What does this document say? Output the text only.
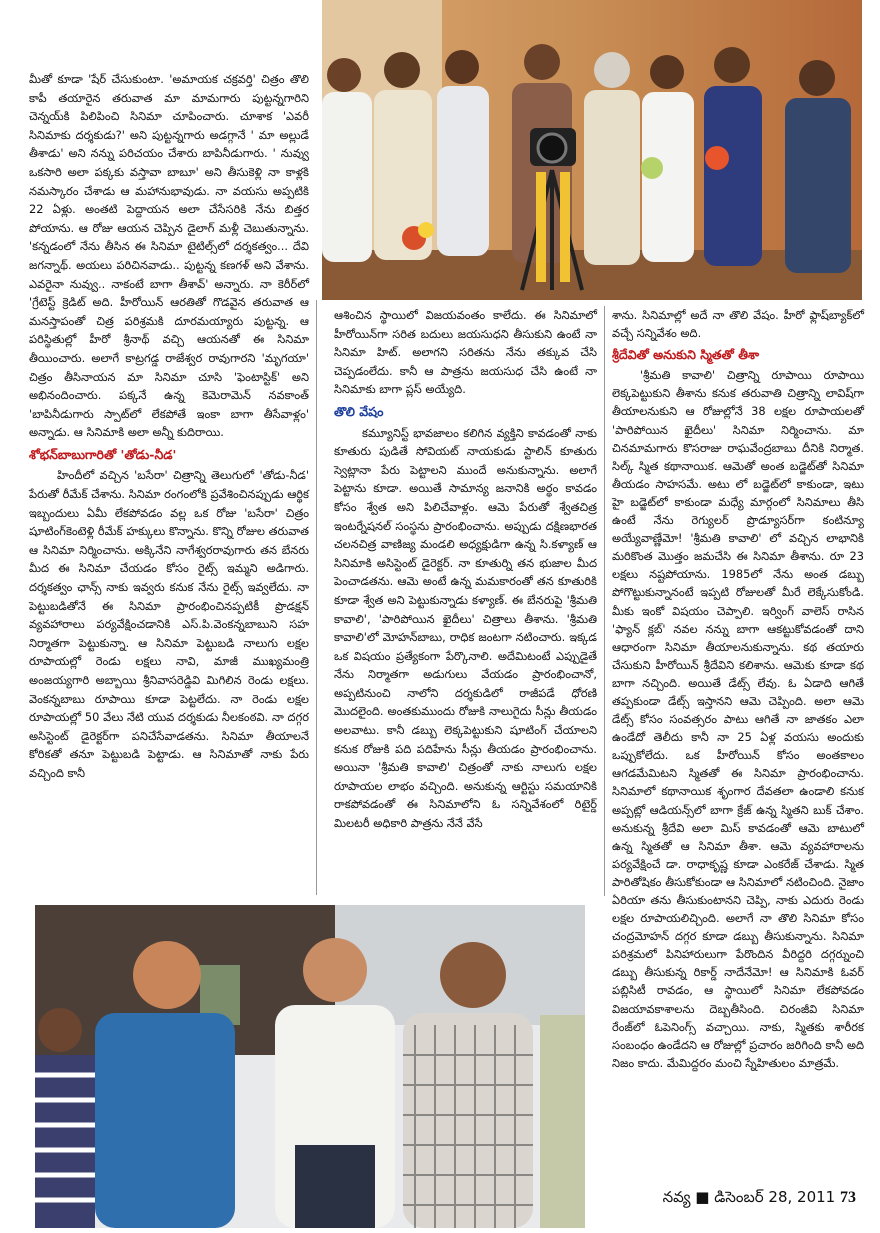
మీతో కూడా 'షేర్ చేసుకుంటా. 'అమాయక చక్రవర్తి' చిత్రం తొలి కాపీ తయారైన తరువాత మా మామగారు పుట్టన్నగారిని చెన్నయ్‌కి పిలిపించి సినిమా చూపించారు. చూశాక 'ఎవరీ సినిమాకు దర్శకుడు?' అని పుట్టన్నగారు అడగ్గానే ' మా అల్లుడే తీశాడు' అని నన్ను పరిచయం చేశారు బాపినీడుగారు. ' నువ్వు ఒకసారి అలా పక్కకు వస్తావా బాబూ' అని తీసుకెళ్లి నా కాళ్లకి నమస్కారం చేశాడు ఆ మహానుభావుడు. నా వయసు అప్పటికి 22 ఏళ్లు. అంతటి పెద్దాయన అలా చేసేసరికి నేను బిత్తర పోయాను. ఆ రోజు ఆయన చెప్పిన డైలాగ్ మళ్లీ చెబుతున్నాను. 'కన్నడంలో నేను తీసిన ఈ సినిమా టైటిల్స్‌లో దర్శకత్వం... దేవి జగన్నాథ్. అయలు పరిచినవాడు.. పుట్టన్న కణగళ్ అని వేశాను. ఎవరైనా నువ్వు.. నాకంటే బాగా తీశావ్' అన్నారు. నా కెరీర్‌లో 'గ్రేటెస్ట్ క్రెడిట్ అది. హీరోయిన్ ఆరతితో గొడవైన తరువాత ఆ మనస్తాపంతో చిత్ర పరిశ్రమకి దూరమయ్యారు పుట్టన్న. ఆ పరిస్థితుల్లో హీరో శ్రీనాథ్ వచ్చి ఆయనతో ఈ సినిమా తీయించారు. అలాగే కాట్రగడ్డ రాజేశ్వర రావుగారని 'మృగయా' చిత్రం తీసినాయన మా సినిమా చూసి 'ఫెంటాస్టిక్' అని అభినందించారు. పక్కనే ఉన్న కెమెరామెన్ నవకాంత్ 'బాపినీడుగారు స్పాట్‌లో లేకపోతే ఇంకా బాగా తీసేవాళ్లం' అన్నాడు. ఆ సినిమాకి అలా అన్నీ కుదిరాయి.

శోభన్‌బాబుగారితో 'తోడు-నీడ'

హిందీలో వచ్చిన 'బసేరా' చిత్రాన్ని తెలుగులో 'తోడు-నీడ' పేరుతో రీమేక్ చేశాను. సినిమా రంగంలోకి ప్రవేశించినప్పుడు ఆర్థిక ఇబ్బందులు ఏమీ లేకపోవడం వల్ల ఒక రోజు 'బసేరా' చిత్రం షూటింగ్‌కెంటెళ్లి రీమేక్ హక్కులు కొన్నాను. కొన్ని రోజుల తరువాత ఆ సినిమా నిర్మించాను. అక్కినేని నాగేశ్వరరావుగారు తన బేనరు మీద ఈ సినిమా చేయడం కోసం రైట్స్ ఇమ్మని అడిగారు. దర్శకత్వం ఛాన్స్ నాకు ఇవ్వరు కనుక నేను రైట్స్ ఇవ్వలేదు. నా పెట్టుబడితోనే ఈ సినిమా ప్రారంభించినప్పటికీ ప్రొడక్షన్ వ్యవహారాలు పర్యవేక్షించడానికి ఎస్.పి.వెంకన్నబాబుని సహ నిర్మాతగా పెట్టుకున్నా. ఆ సినిమా పెట్టుబడి నాలుగు లక్షల రూపాయల్లో రెండు లక్షలు నావి, మాజీ ముఖ్యమంత్రి అంజయ్యగారి అబ్బాయి శ్రీనివాసరెడ్డివి మిగిలిన రెండు లక్షలు. వెంకన్నబాబు రూపాయి కూడా పెట్టలేదు. నా రెండు లక్షల రూపాయల్లో 50 వేలు నేటి యువ దర్శకుడు నీలకంఠవి. నా దగ్గర అసిస్టెంట్ డైరెక్టర్‌గా పనిచేసేవాడతను. సినిమా తీయాలనే కోరికతో తనూ పెట్టుబడి పెట్టాడు. ఆ సినిమాతో నాకు పేరు వచ్చింది కానీ

ఆశించిన స్థాయిలో విజయవంతం కాలేదు. ఈ సినిమాలో హీరోయిన్‌గా సరిత బదులు జయసుధని తీసుకుని ఉంటే నా సినిమా హిట్. అలాగని సరితను నేను తక్కువ చేసి చెప్పడంలేదు. కానీ ఆ పాత్రను జయసుధ చేసి ఉంటే నా సినిమాకు బాగా ప్లస్ అయ్యేది.

తొలి వేషం

కమ్యూనిస్ట్ భావజాలం కలిగిన వ్యక్తిని కావడంతో నాకు కూతురు పుడితే సోవియట్ నాయకుడు స్టాలిన్ కూతురు స్వెట్లానా పేరు పెట్టాలని ముందే అనుకున్నాను. అలాగే పెట్టాను కూడా. అయితే సామాన్య జనానికి అర్థం కావడం కోసం శ్వేత అని పిలిచేవాళ్లం. ఆమె పేరుతో శ్వేతచిత్ర ఇంటర్నేషనల్ సంస్థను ప్రారంభించాను. అప్పుడు దక్షిణభారత చలనచిత్ర వాణిజ్య మండలి అధ్యక్షుడిగా ఉన్న సి.కళ్యాణ్ ఆ సినిమాకి అసిస్టెంట్ డైరెక్టర్. నా కూతుర్ని తన భుజాల మీద పెంచాడతను. ఆమె అంటే ఉన్న మమకారంతో తన కూతురికి కూడా శ్వేత అని పెట్టుకున్నాడు కళ్యాణ్. ఈ బేనరుపై 'శ్రీమతి కావాలి', 'పారిపోయిన ఖైదీలు' చిత్రాలు తీశాను. 'శ్రీమతి కావాలి'లో మోహన్‌బాబు, రాధిక జంటగా నటించారు. ఇక్కడ ఒక విషయం ప్రత్యేకంగా పేర్కొనాలి. అదేమిటంటే ఎప్పుడైతే నేను నిర్మాతగా అడుగులు వేయడం ప్రారంభించానో, అప్పటినుంచి నాలోని దర్శకుడిలో రాజీపడే ధోరణి మొదలైంది. అంతకుముందు రోజుకి నాలుగైదు సీన్లు తీయడం అలవాటు. కానీ డబ్బు లెక్కపెట్టుకుని షూటింగ్ చేయాలని కనుక రోజుకి పది పదిహేను సీన్లు తీయడం ప్రారంభించాను. అయినా 'శ్రీమతి కావాలి' చిత్రంతో నాకు నాలుగు లక్షల రూపాయల లాభం వచ్చింది. అనుకున్న ఆర్టిస్టు సమయానికి రాకపోవడంతో ఈ సినిమాలోని ఓ సన్నివేశంలో రిటైర్డ్ మిలటరీ అధికారి పాత్రను నేనే వేసే

శాను. సినిమాల్లో అదే నా తొలి వేషం. హీరో ఫ్లాష్‌బ్యాక్‌లో వచ్చే సన్నివేశం అది.

శ్రీదేవితో అనుకుని స్మితతో తీశా

'శ్రీమతి కావాలి' చిత్రాన్ని రూపాయి రూపాయి లెక్కపెట్టుకుని తీశాను కనుక తరువాతి చిత్రాన్ని లావిష్‌గా తీయాలనుకుని ఆ రోజుల్లోనే 38 లక్షల రూపాయలతో 'పారిపోయిన ఖైదీలు' సినిమా నిర్మించాను. మా చినమామగారు కొసరాజు రాఘవేంద్రబాబు దీనికి నిర్మాత. సిల్క్ స్మిత కథానాయిక. ఆమెతో అంత బడ్జెట్‌తో సినిమా తీయడం సాహసమే. అటు లో బడ్జెట్‌లో కాకుండా, ఇటు హై బడ్జెట్‌లో కాకుండా మధ్యే మార్గంలో సినిమాలు తీసి ఉంటే నేను రెగ్యులర్ ప్రొడ్యూసర్‌గా కంటిన్యూ అయ్యేవాణ్ణేమో! 'శ్రీమతి కావాలి' లో వచ్చిన లాభానికి మరికొంత మొత్తం జమచేసి ఈ సినిమా తీశాను. రూ 23 లక్షలు నష్టపోయాను. 1985లో నేను అంత డబ్బు పోగొట్టుకున్నానంటే ఇప్పటి రోజులతో మీరే లెక్కేసుకోండి. మీకు ఇంకో విషయం చెప్పాలి. ఇర్వింగ్ వాలెస్ రాసిన 'ఫ్యాన్ క్లబ్' నవల నన్ను బాగా ఆకట్టుకోవడంతో దాని ఆధారంగా సినిమా తీయాలనుకున్నాను. కథ తయారు చేసుకుని హీరోయిన్ శ్రీదేవిని కలిశాను. ఆమెకు కూడా కథ బాగా నచ్చింది. అయితే డేట్స్ లేవు. ఓ ఏడాది ఆగితే తప్పకుండా డేట్స్ ఇస్తానని ఆమె చెప్పింది. అలా ఆమె డేట్స్ కోసం సంవత్సరం పాటు ఆగితే నా జాతకం ఎలా ఉండేదో తెలీదు కానీ నా 25 ఏళ్ల వయసు అందుకు ఒప్పుకోలేదు. ఒక హీరోయిన్ కోసం అంతకాలం ఆగడమేమిటని స్మితతో ఈ సినిమా ప్రారంభించాను. సినిమాలో కథానాయిక శృంగార దేవతలా ఉండాలి కనుక అప్పట్లో ఆడియన్స్‌లో బాగా క్రేజ్ ఉన్న స్మితని బుక్ చేశాం. అనుకున్న శ్రీదేవి అలా మిస్ కావడంతో ఆమె బాటులో ఉన్న స్మితతో ఆ సినిమా తీశా. ఆమె వ్యవహారాలను పర్యవేక్షించే డా. రాధాకృష్ణ కూడా ఎంకరేజ్ చేశాడు. స్మిత పారితోషికం తీసుకోకుండా ఆ సినిమాలో నటించింది. నైజాం ఏరియా తను తీసుకుంటానని చెప్పి, నాకు ఎదురు రెండు లక్షల రూపాయలిచ్చింది. అలాగే నా తొలి సినిమా కోసం చంద్రమోహన్ దగ్గర కూడా డబ్బు తీసుకున్నాను. సినిమా పరిశ్రమలో పినిహారులుగా పేరొందిన వీరిద్దరి దగ్గర్నుంచి డబ్బు తీసుకున్న రికార్డ్ నాదేనేమో! ఆ సినిమాకి ఓవర్ పబ్లిసిటీ రావడం, ఆ స్థాయిలో సినిమా లేకపోవడం విజయావకాశాలను దెబ్బతీసింది. చిరంజీవి సినిమా రేంజ్‌లో ఓపెనింగ్స్ వచ్చాయి. నాకు, స్మితకు శారీరక సంబంధం ఉండేదని ఆ రోజుల్లో ప్రచారం జరిగింది కానీ అది నిజం కాదు. మేమిద్దరం మంచి స్నేహితులం మాత్రమే.

నవ్య ■ డిసెంబర్ 28, 2011 73
